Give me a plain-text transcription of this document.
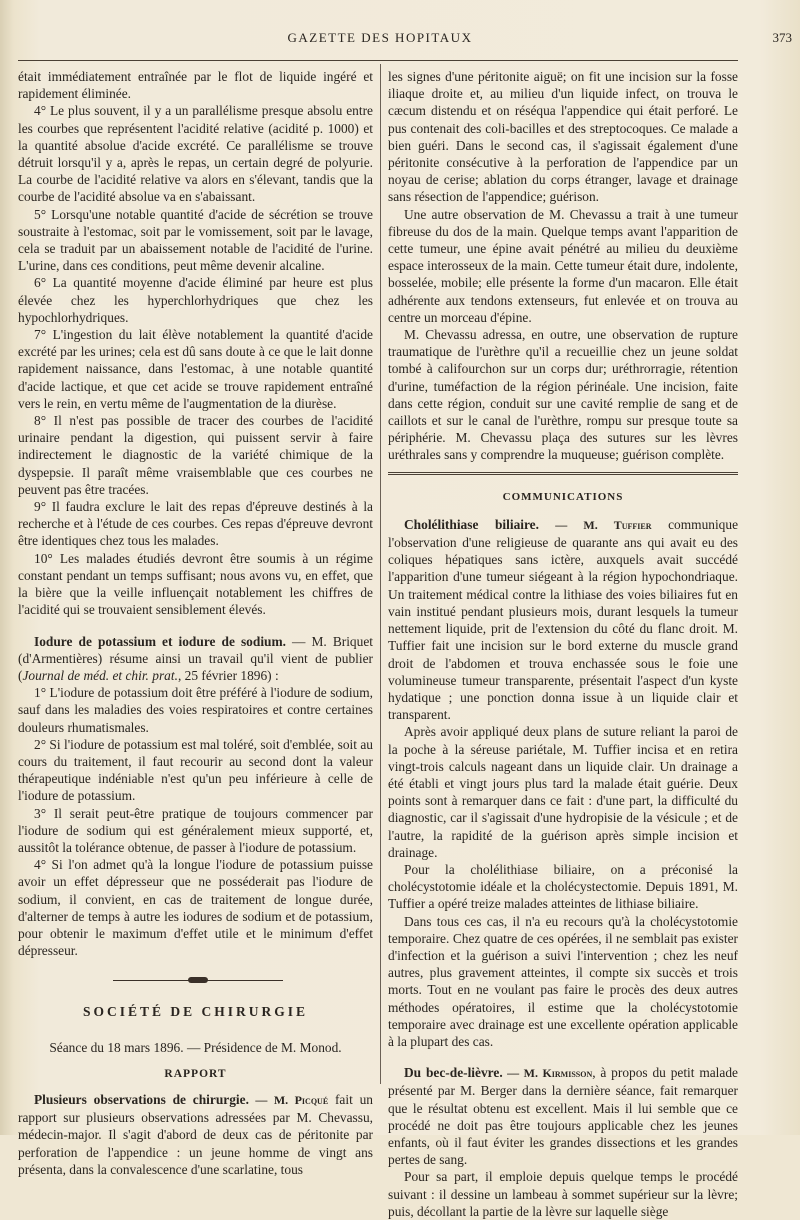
GAZETTE DES HOPITAUX	373

était immédiatement entraînée par le flot de liquide ingéré et rapidement éliminée.

4° Le plus souvent, il y a un parallélisme presque absolu entre les courbes que représentent l'acidité relative (acidité p. 1000) et la quantité absolue d'acide excrété. Ce parallélisme se trouve détruit lorsqu'il y a, après le repas, un certain degré de polyurie. La courbe de l'acidité relative va alors en s'élevant, tandis que la courbe de l'acidité absolue va en s'abaissant.

5° Lorsqu'une notable quantité d'acide de sécrétion se trouve soustraite à l'estomac, soit par le vomissement, soit par le lavage, cela se traduit par un abaissement notable de l'acidité de l'urine. L'urine, dans ces conditions, peut même devenir alcaline.

6° La quantité moyenne d'acide éliminé par heure est plus élevée chez les hyperchlorhydriques que chez les hypochlorhydriques.

7° L'ingestion du lait élève notablement la quantité d'acide excrété par les urines; cela est dû sans doute à ce que le lait donne rapidement naissance, dans l'estomac, à une notable quantité d'acide lactique, et que cet acide se trouve rapidement entraîné vers le rein, en vertu même de l'augmentation de la diurèse.

8° Il n'est pas possible de tracer des courbes de l'acidité urinaire pendant la digestion, qui puissent servir à faire indirectement le diagnostic de la variété chimique de la dyspepsie. Il paraît même vraisemblable que ces courbes ne peuvent pas être tracées.

9° Il faudra exclure le lait des repas d'épreuve destinés à la recherche et à l'étude de ces courbes. Ces repas d'épreuve devront être identiques chez tous les malades.

10° Les malades étudiés devront être soumis à un régime constant pendant un temps suffisant; nous avons vu, en effet, que la bière que la veille influençait notablement les chiffres de l'acidité qui se trouvaient sensiblement élevés.

Iodure de potassium et iodure de sodium. — M. Briquet (d'Armentières) résume ainsi un travail qu'il vient de publier (Journal de méd. et chir. prat., 25 février 1896) :

1° L'iodure de potassium doit être préféré à l'iodure de sodium, sauf dans les maladies des voies respiratoires et contre certaines douleurs rhumatismales.

2° Si l'iodure de potassium est mal toléré, soit d'emblée, soit au cours du traitement, il faut recourir au second dont la valeur thérapeutique indéniable n'est qu'un peu inférieure à celle de l'iodure de potassium.

3° Il serait peut-être pratique de toujours commencer par l'iodure de sodium qui est généralement mieux supporté, et, aussitôt la tolérance obtenue, de passer à l'iodure de potassium.

4° Si l'on admet qu'à la longue l'iodure de potassium puisse avoir un effet dépresseur que ne posséderait pas l'iodure de sodium, il convient, en cas de traitement de longue durée, d'alterner de temps à autre les iodures de sodium et de potassium, pour obtenir le maximum d'effet utile et le minimum d'effet dépresseur.

SOCIÉTÉ DE CHIRURGIE

Séance du 18 mars 1896. — Présidence de M. Monod.

RAPPORT

Plusieurs observations de chirurgie. — M. Picqué fait un rapport sur plusieurs observations adressées par M. Chevassu, médecin-major. Il s'agit d'abord de deux cas de péritonite par perforation de l'appendice : un jeune homme de vingt ans présenta, dans la convalescence d'une scarlatine, tous

les signes d'une péritonite aiguë; on fit une incision sur la fosse iliaque droite et, au milieu d'un liquide infect, on trouva le cæcum distendu et on réséqua l'appendice qui était perforé. Le pus contenait des coli-bacilles et des streptocoques. Ce malade a bien guéri. Dans le second cas, il s'agissait également d'une péritonite consécutive à la perforation de l'appendice par un noyau de cerise; ablation du corps étranger, lavage et drainage sans résection de l'appendice; guérison.

Une autre observation de M. Chevassu a trait à une tumeur fibreuse du dos de la main. Quelque temps avant l'apparition de cette tumeur, une épine avait pénétré au milieu du deuxième espace interosseux de la main. Cette tumeur était dure, indolente, bosselée, mobile; elle présente la forme d'un macaron. Elle était adhérente aux tendons extenseurs, fut enlevée et on trouva au centre un morceau d'épine.

M. Chevassu adressa, en outre, une observation de rupture traumatique de l'urèthre qu'il a recueillie chez un jeune soldat tombé à califourchon sur un corps dur; uréthrorragie, rétention d'urine, tuméfaction de la région périnéale. Une incision, faite dans cette région, conduit sur une cavité remplie de sang et de caillots et sur le canal de l'urèthre, rompu sur presque toute sa périphérie. M. Chevassu plaça des sutures sur les lèvres uréthrales sans y comprendre la muqueuse; guérison complète.

COMMUNICATIONS

Cholélithiase biliaire. — M. Tuffier communique l'observation d'une religieuse de quarante ans qui avait eu des coliques hépatiques sans ictère, auxquels avait succédé l'apparition d'une tumeur siégeant à la région hypochondriaque. Un traitement médical contre la lithiase des voies biliaires fut en vain institué pendant plusieurs mois, durant lesquels la tumeur nettement liquide, prit de l'extension du côté du flanc droit. M. Tuffier fait une incision sur le bord externe du muscle grand droit de l'abdomen et trouva enchassée sous le foie une volumineuse tumeur transparente, présentait l'aspect d'un kyste hydatique ; une ponction donna issue à un liquide clair et transparent.

Après avoir appliqué deux plans de suture reliant la paroi de la poche à la séreuse pariétale, M. Tuffier incisa et en retira vingt-trois calculs nageant dans un liquide clair. Un drainage a été établi et vingt jours plus tard la malade était guérie. Deux points sont à remarquer dans ce fait : d'une part, la difficulté du diagnostic, car il s'agissait d'une hydropisie de la vésicule ; et de l'autre, la rapidité de la guérison après simple incision et drainage.

Pour la cholélithiase biliaire, on a préconisé la cholécystotomie idéale et la cholécystectomie. Depuis 1891, M. Tuffier a opéré treize malades atteintes de lithiase biliaire.

Dans tous ces cas, il n'a eu recours qu'à la cholécystotomie temporaire. Chez quatre de ces opérées, il ne semblait pas exister d'infection et la guérison a suivi l'intervention ; chez les neuf autres, plus gravement atteintes, il compte six succès et trois morts. Tout en ne voulant pas faire le procès des deux autres méthodes opératoires, il estime que la cholécystotomie temporaire avec drainage est une excellente opération applicable à la plupart des cas.

Du bec-de-lièvre. — M. Kirmisson, à propos du petit malade présenté par M. Berger dans la dernière séance, fait remarquer que le résultat obtenu est excellent. Mais il lui semble que ce procédé ne doit pas être toujours applicable chez les jeunes enfants, où il faut éviter les grandes dissections et les grandes pertes de sang.

Pour sa part, il emploie depuis quelque temps le procédé suivant : il dessine un lambeau à sommet supérieur sur la lèvre; puis, décollant la partie de la lèvre sur laquelle siège
